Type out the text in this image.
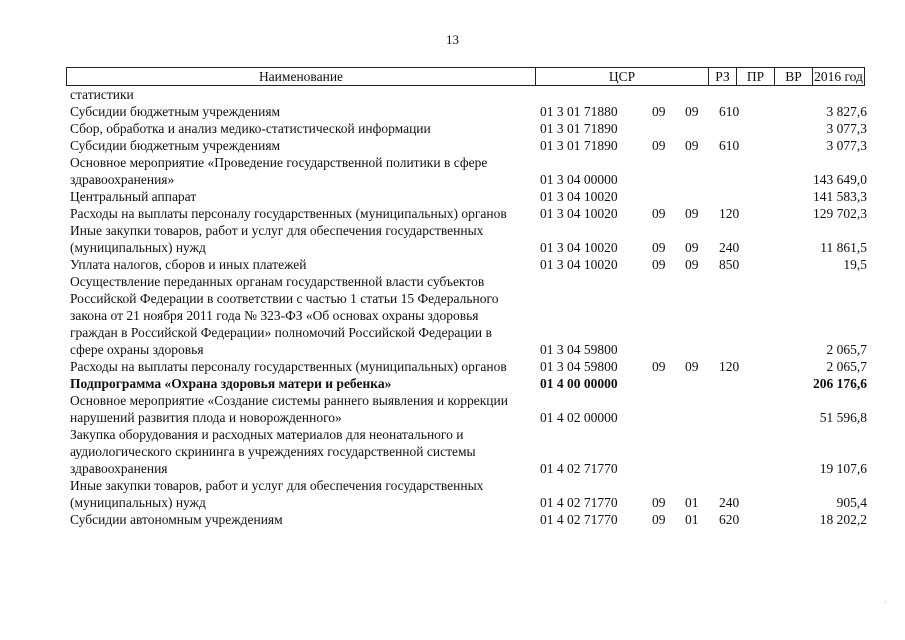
13
Наименование	ЦСР	РЗ	ПР	ВР 2016 год
статистики
Субсидии бюджетным учреждениям	01 3 01 71880	09 09 610	3 827,6
Сбор, обработка и анализ медико-статистической информации	01 3 01 71890	3 077,3
Субсидии бюджетным учреждениям	01 3 01 71890	09 09 610	3 077,3
Основное мероприятие «Проведение государственной политики в сфере здравоохранения»	01 3 04 00000	143 649,0
Центральный аппарат	01 3 04 10020	141 583,3
Расходы на выплаты персоналу государственных (муниципальных) органов	01 3 04 10020	09 09 120	129 702,3
Иные закупки товаров, работ и услуг для обеспечения государственных (муниципальных) нужд	01 3 04 10020	09 09 240	11 861,5
Уплата налогов, сборов и иных платежей	01 3 04 10020	09 09 850	19,5
Осуществление переданных органам государственной власти субъектов Российской Федерации в соответствии с частью 1 статьи 15 Федерального закона от 21 ноября 2011 года № 323-ФЗ «Об основах охраны здоровья граждан в Российской Федерации» полномочий Российской Федерации в сфере охраны здоровья	01 3 04 59800	2 065,7
Расходы на выплаты персоналу государственных (муниципальных) органов	01 3 04 59800	09 09 120	2 065,7
Подпрограмма «Охрана здоровья матери и ребенка»	01 4 00 00000	206 176,6
Основное мероприятие «Создание системы раннего выявления и коррекции нарушений развития плода и новорожденного»	01 4 02 00000	51 596,8
Закупка оборудования и расходных материалов для неонатального и аудиологического скрининга в учреждениях государственной системы здравоохранения	01 4 02 71770	19 107,6
Иные закупки товаров, работ и услуг для обеспечения государственных (муниципальных) нужд	01 4 02 71770	09 01 240	905,4
Субсидии автономным учреждениям	01 4 02 71770	09 01 620	18 202,2
·
